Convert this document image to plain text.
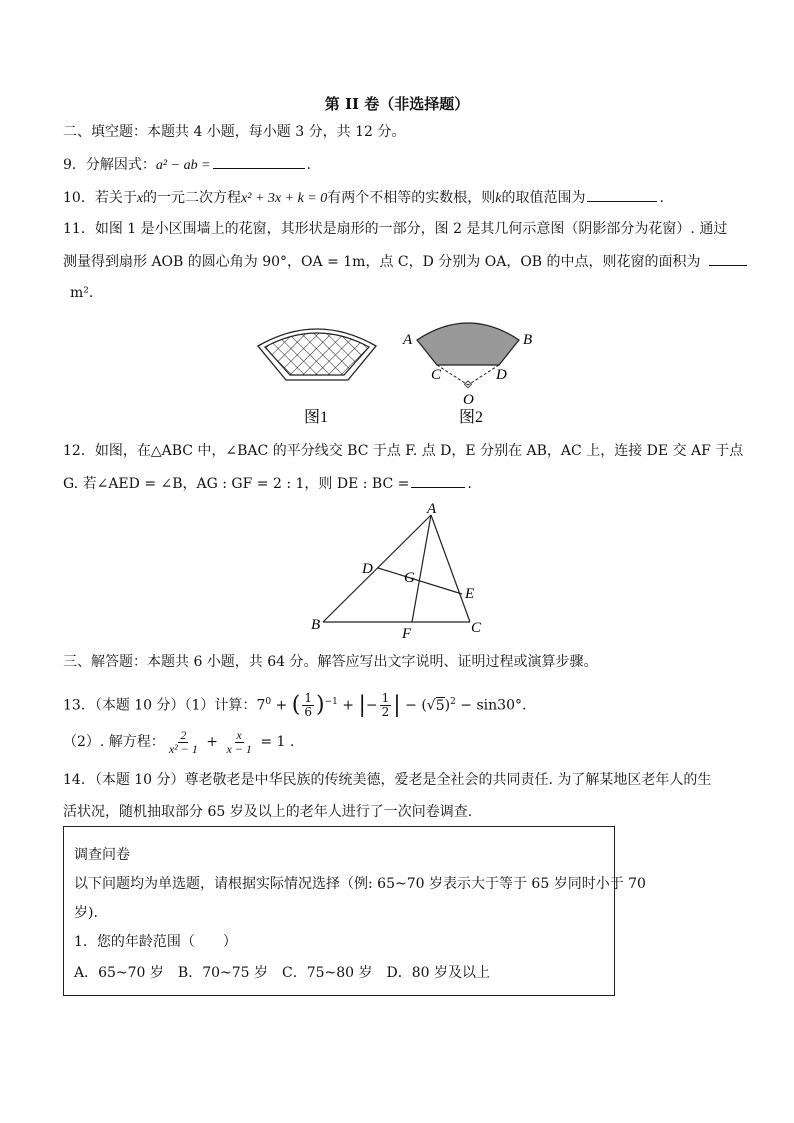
第 II 卷（非选择题）
二、填空题：本题共 4 小题，每小题 3 分，共 12 分。
9．分解因式：a² − ab =	.
10．若关于x的一元二次方程x² + 3x + k = 0有两个不相等的实数根，则k的取值范围为	.
11．如图 1 是小区围墙上的花窗，其形状是扇形的一部分，图 2 是其几何示意图（阴影部分为花窗）. 通过
测量得到扇形 AOB 的圆心角为 90°，OA = 1m，点 C，D 分别为 OA，OB 的中点，则花窗的面积为
m².
图1
A	B
C	D
O
图2
12．如图，在△ABC 中，∠BAC 的平分线交 BC 于点 F. 点 D，E 分别在 AB，AC 上，连接 DE 交 AF 于点
G. 若∠AED = ∠B，AG : GF = 2 : 1，则 DE : BC =	.
A
B	C
D
E
F
G
三、解答题：本题共 6 小题，共 64 分。解答应写出文字说明、证明过程或演算步骤。
13．（本题 10 分）（1）计算：$7^0$ + ( $\frac{1}{6} )^{-1}$ + |− $\frac{1}{2}$ | − $(√5)^2 - \sin 30^\circ$.
（2）. 解方程： $\frac{2}{\text{x² − 1}} + \frac{x}{x - 1} = 1$ .
14．（本题 10 分）尊老敬老是中华民族的传统美德，爱老是全社会的共同责任. 为了解某地区老年人的生
活状况，随机抽取部分 65 岁及以上的老年人进行了一次问卷调查.
调查问卷
以下问题均为单选题，请根据实际情况选择（例: 65~70 岁表示大于等于 65 岁同时小于 70
岁).
1．您的年龄范围（　　）
A．65~70 岁　B．70~75 岁　C．75~80 岁　D．80 岁及以上
